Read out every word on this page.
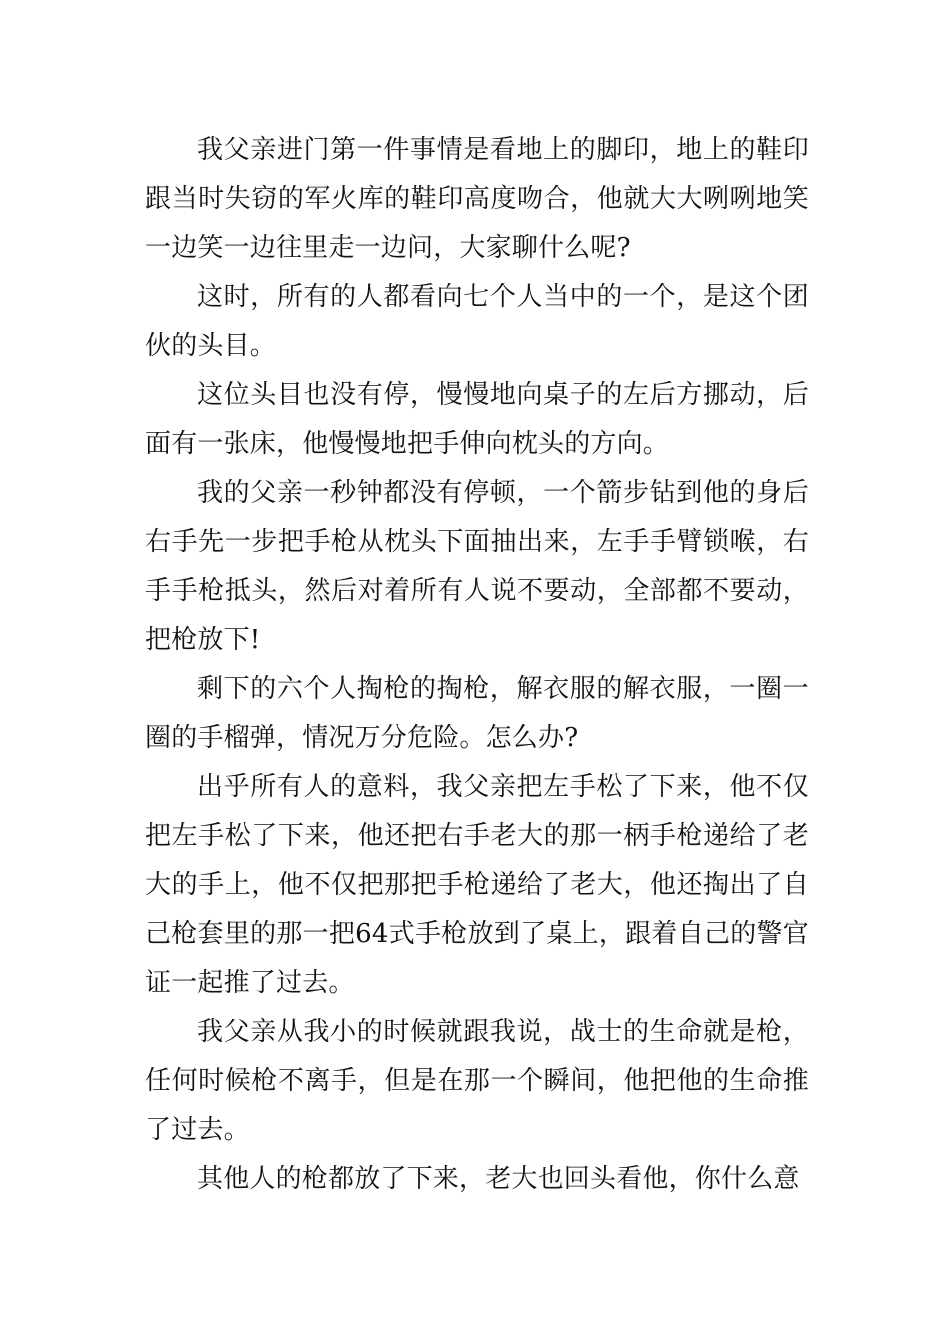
我父亲进门第一件事情是看地上的脚印，地上的鞋印跟当时失窃的军火库的鞋印高度吻合，他就大大咧咧地笑一边笑一边往里走一边问，大家聊什么呢?

这时，所有的人都看向七个人当中的一个，是这个团伙的头目。

这位头目也没有停，慢慢地向桌子的左后方挪动，后面有一张床，他慢慢地把手伸向枕头的方向。

我的父亲一秒钟都没有停顿，一个箭步钻到他的身后右手先一步把手枪从枕头下面抽出来，左手手臂锁喉，右手手枪抵头，然后对着所有人说不要动，全部都不要动，把枪放下!

剩下的六个人掏枪的掏枪，解衣服的解衣服，一圈一圈的手榴弹，情况万分危险。怎么办?

出乎所有人的意料，我父亲把左手松了下来，他不仅把左手松了下来，他还把右手老大的那一柄手枪递给了老大的手上，他不仅把那把手枪递给了老大，他还掏出了自己枪套里的那一把64式手枪放到了桌上，跟着自己的警官证一起推了过去。

我父亲从我小的时候就跟我说，战士的生命就是枪，任何时候枪不离手，但是在那一个瞬间，他把他的生命推了过去。

其他人的枪都放了下来，老大也回头看他，你什么意
